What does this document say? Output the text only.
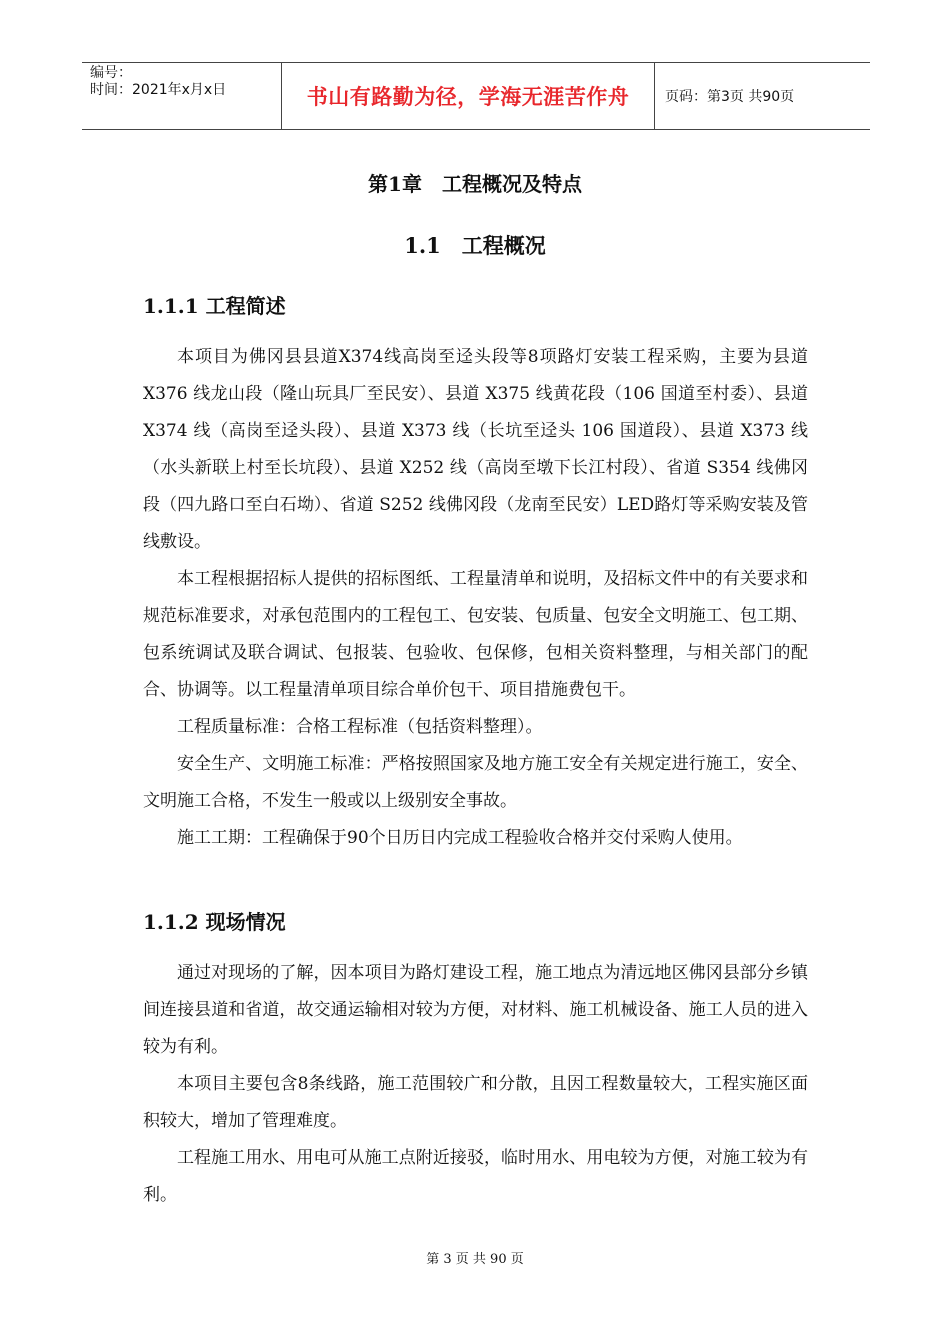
编号：
时间：2021年x月x日	书山有路勤为径，学海无涯苦作舟	页码：第3页 共90页
第1章　工程概况及特点
1.1　工程概况
1.1.1 工程简述

本项目为佛冈县县道X374线高岗至迳头段等8项路灯安装工程采购，主要为县道 X376 线龙山段（隆山玩具厂至民安）、县道 X375 线黄花段（106 国道至村委）、县道 X374 线（高岗至迳头段）、县道 X373 线（长坑至迳头 106 国道段）、县道 X373 线（水头新联上村至长坑段）、县道 X252 线（高岗至墩下长江村段）、省道 S354 线佛冈段（四九路口至白石坳）、省道 S252 线佛冈段（龙南至民安）LED路灯等采购安装及管线敷设。

本工程根据招标人提供的招标图纸、工程量清单和说明，及招标文件中的有关要求和规范标准要求，对承包范围内的工程包工、包安装、包质量、包安全文明施工、包工期、包系统调试及联合调试、包报装、包验收、包保修，包相关资料整理，与相关部门的配合、协调等。以工程量清单项目综合单价包干、项目措施费包干。

工程质量标准：合格工程标准（包括资料整理）。

安全生产、文明施工标准：严格按照国家及地方施工安全有关规定进行施工，安全、文明施工合格，不发生一般或以上级别安全事故。

施工工期：工程确保于90个日历日内完成工程验收合格并交付采购人使用。

1.1.2 现场情况

通过对现场的了解，因本项目为路灯建设工程，施工地点为清远地区佛冈县部分乡镇间连接县道和省道，故交通运输相对较为方便，对材料、施工机械设备、施工人员的进入较为有利。

本项目主要包含8条线路，施工范围较广和分散，且因工程数量较大，工程实施区面积较大，增加了管理难度。

工程施工用水、用电可从施工点附近接驳，临时用水、用电较为方便，对施工较为有利。

第 3 页 共 90 页
